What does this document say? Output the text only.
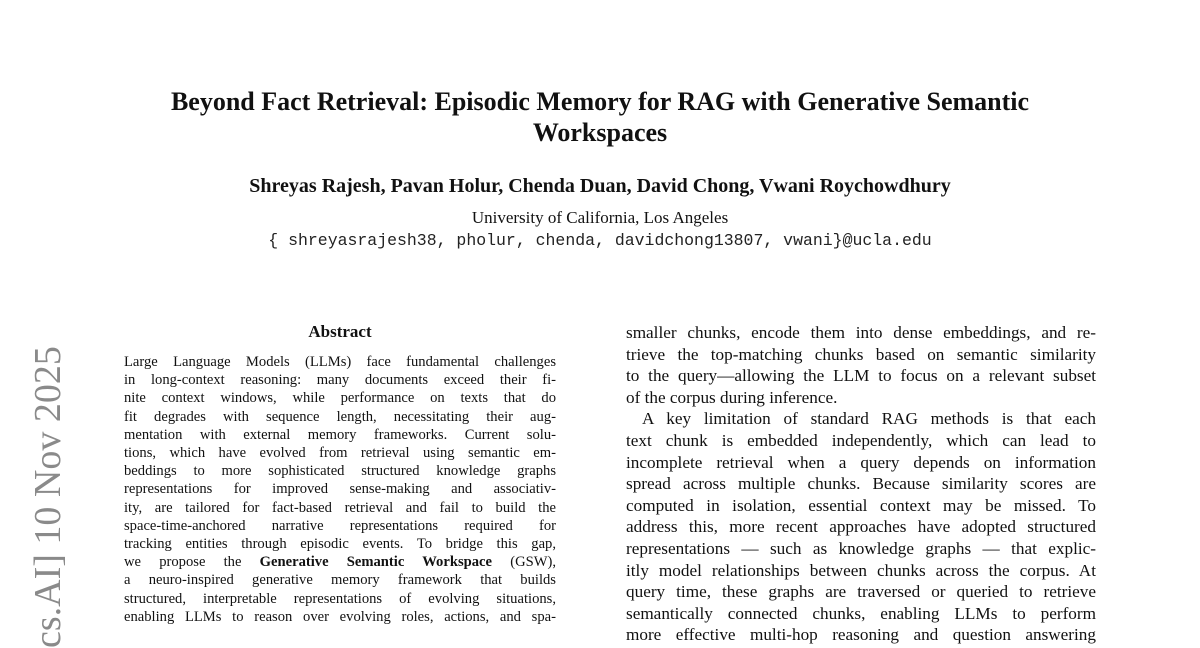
cs.AI] 10 Nov 2025
Beyond Fact Retrieval: Episodic Memory for RAG with Generative Semantic
Workspaces
Shreyas Rajesh, Pavan Holur, Chenda Duan, David Chong, Vwani Roychowdhury
University of California, Los Angeles
{ shreyasrajesh38, pholur, chenda, davidchong13807, vwani}@ucla.edu
Abstract
Large Language Models (LLMs) face fundamental challenges
in long-context reasoning: many documents exceed their fi-
nite context windows, while performance on texts that do
fit degrades with sequence length, necessitating their aug-
mentation with external memory frameworks. Current solu-
tions, which have evolved from retrieval using semantic em-
beddings to more sophisticated structured knowledge graphs
representations for improved sense-making and associativ-
ity, are tailored for fact-based retrieval and fail to build the
space-time-anchored narrative representations required for
tracking entities through episodic events. To bridge this gap,
we propose the Generative Semantic Workspace (GSW),
a neuro-inspired generative memory framework that builds
structured, interpretable representations of evolving situations,
enabling LLMs to reason over evolving roles, actions, and spa-
smaller chunks, encode them into dense embeddings, and re-
trieve the top-matching chunks based on semantic similarity
to the query—allowing the LLM to focus on a relevant subset
of the corpus during inference.
A key limitation of standard RAG methods is that each
text chunk is embedded independently, which can lead to
incomplete retrieval when a query depends on information
spread across multiple chunks. Because similarity scores are
computed in isolation, essential context may be missed. To
address this, more recent approaches have adopted structured
representations — such as knowledge graphs — that explic-
itly model relationships between chunks across the corpus. At
query time, these graphs are traversed or queried to retrieve
semantically connected chunks, enabling LLMs to perform
more effective multi-hop reasoning and question answering
